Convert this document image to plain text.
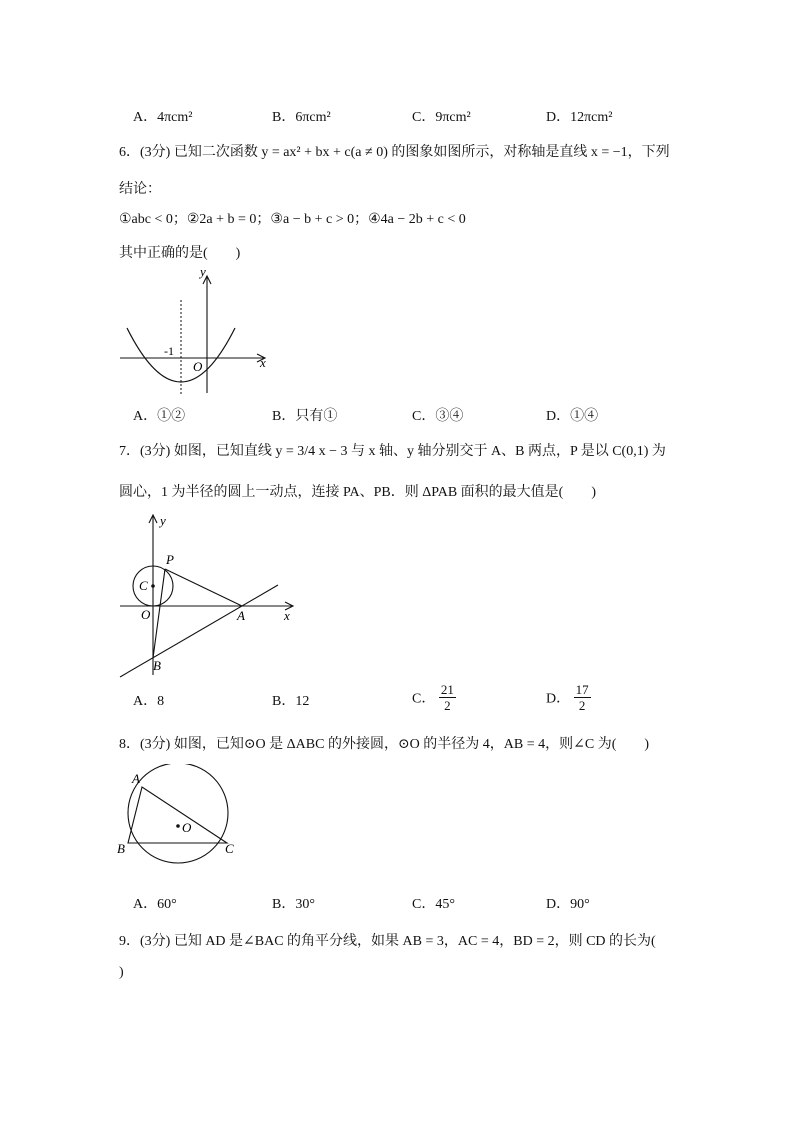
A．4πcm²	B．6πcm²	C．9πcm²	D．12πcm²
6．(3分) 已知二次函数 y = ax² + bx + c(a ≠ 0) 的图象如图所示，对称轴是直线 x = −1，下列
结论：
①abc < 0；②2a + b = 0；③a − b + c > 0；④4a − 2b + c < 0
其中正确的是(　　)
y
x
O
-1
A．①②	B．只有①	C．③④	D．①④
7．(3分) 如图，已知直线 y = 3/4 x − 3 与 x 轴、y 轴分别交于 A、B 两点，P 是以 C(0,1) 为
圆心，1 为半径的圆上一动点，连接 PA、PB．则 ΔPAB 面积的最大值是(　　)
y
x
O	A
B
C
P
A．8	B．12	C． $\frac{21}{2}$	D． $\frac{17}{2}$
8．(3分) 如图，已知⊙O 是 ΔABC 的外接圆，⊙O 的半径为 4，AB = 4，则∠C 为(　　)
A
B	C
O
A．60°	B．30°	C．45°	D．90°
9．(3分) 已知 AD 是∠BAC 的角平分线，如果 AB = 3，AC = 4，BD = 2，则 CD 的长为(
)
